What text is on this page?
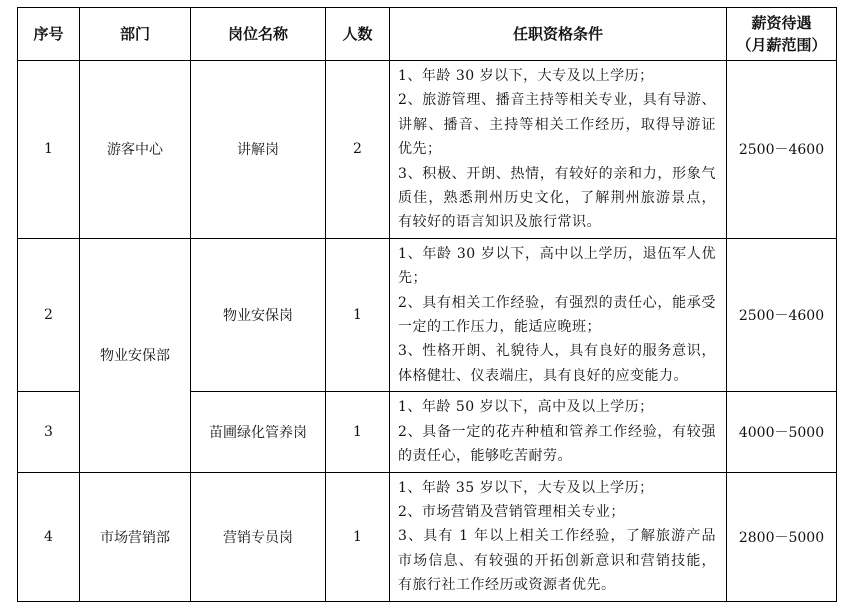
序号	部门	岗位名称	人数	任职资格条件	薪资待遇
（月薪范围）

1	游客中心	讲解岗	2	1、年龄 30 岁以下，大专及以上学历；
2、旅游管理、播音主持等相关专业，具有导游、讲解、播音、主持等相关工作经历，取得导游证优先；
3、积极、开朗、热情，有较好的亲和力，形象气质佳，熟悉荆州历史文化，了解荆州旅游景点，有较好的语言知识及旅行常识。	2500－4600
2	物业安保部	物业安保岗	1	1、年龄 30 岁以下，高中以上学历，退伍军人优先；
2、具有相关工作经验，有强烈的责任心，能承受一定的工作压力，能适应晚班；
3、性格开朗、礼貌待人，具有良好的服务意识，体格健壮、仪表端庄，具有良好的应变能力。	2500－4600
3		苗圃绿化管养岗	1	1、年龄 50 岁以下，高中及以上学历；
2、具备一定的花卉种植和管养工作经验，有较强的责任心，能够吃苦耐劳。	4000－5000
4	市场营销部	营销专员岗	1	1、年龄 35 岁以下，大专及以上学历；
2、市场营销及营销管理相关专业；
3、具有 1 年以上相关工作经验，了解旅游产品市场信息、有较强的开拓创新意识和营销技能，有旅行社工作经历或资源者优先。	2800－5000
